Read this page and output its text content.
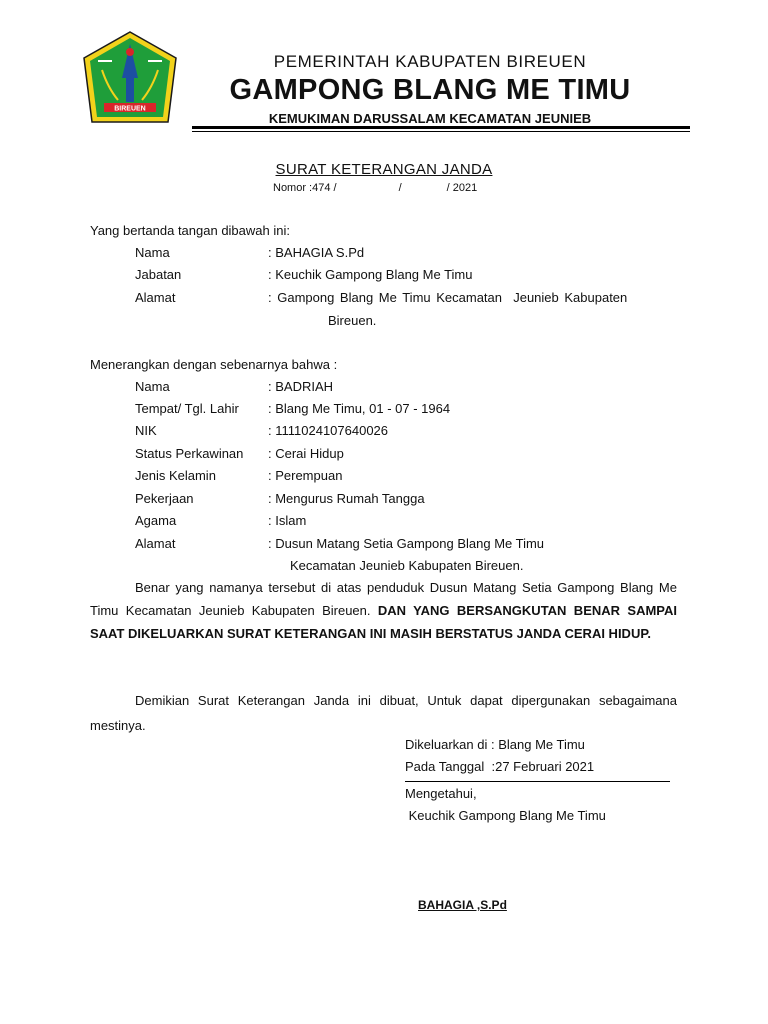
BIREUEN
PEMERINTAH KABUPATEN BIREUEN
GAMPONG BLANG ME TIMU
KEMUKIMAN DARUSSALAM KECAMATAN JEUNIEB
SURAT KETERANGAN JANDA
Nomor :474 /	/	/ 2021
Yang bertanda tangan dibawah ini:
Nama	: BAHAGIA S.Pd
Jabatan	: Keuchik Gampong Blang Me Timu
Alamat	: Gampong Blang Me Timu Kecamatan  Jeunieb Kabupaten
Bireuen.
Menerangkan dengan sebenarnya bahwa :
Nama	: BADRIAH
Tempat/ Tgl. Lahir : Blang Me Timu, 01 - 07 - 1964
NIK	: 1111024107640026
Status Perkawinan : Cerai Hidup
Jenis Kelamin	: Perempuan
Pekerjaan	: Mengurus Rumah Tangga
Agama	: Islam
Alamat	: Dusun Matang Setia Gampong Blang Me Timu
Kecamatan Jeunieb Kabupaten Bireuen.
Benar yang namanya tersebut di atas penduduk Dusun Matang Setia Gampong Blang Me Timu Kecamatan Jeunieb Kabupaten Bireuen. DAN YANG BERSANGKUTAN BENAR SAMPAI SAAT DIKELUARKAN SURAT KETERANGAN INI MASIH BERSTATUS JANDA CERAI HIDUP.
Demikian Surat Keterangan Janda ini dibuat, Untuk dapat dipergunakan sebagaimana mestinya.
Dikeluarkan di : Blang Me Timu
Pada Tanggal  :27 Februari 2021
Mengetahui,
Keuchik Gampong Blang Me Timu
BAHAGIA ,S.Pd
